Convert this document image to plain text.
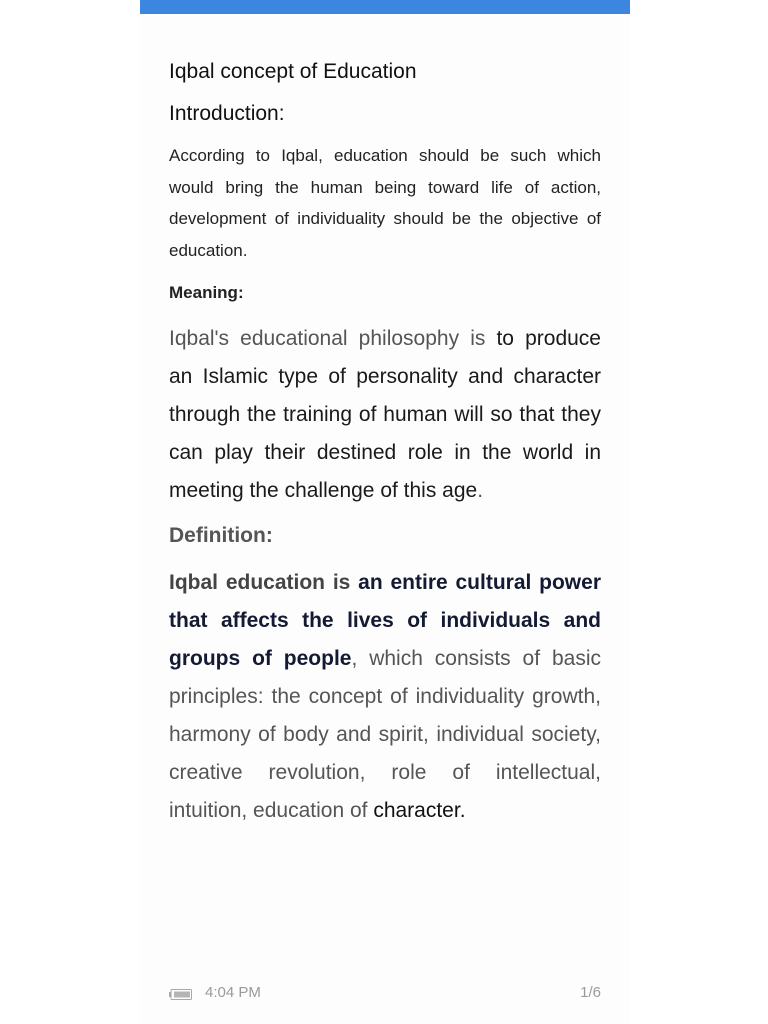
Iqbal concept of Education

Introduction:

According to Iqbal, education should be such which would bring the human being toward life of action, development of individuality should be the objective of education.

Meaning:

Iqbal's educational philosophy is to produce an Islamic type of personality and character through the training of human will so that they can play their destined role in the world in meeting the challenge of this age.

Definition:

Iqbal education is an entire cultural power that affects the lives of individuals and groups of people, which consists of basic principles: the concept of individuality growth, harmony of body and spirit, individual society, creative revolution, role of intellectual, intuition, education of character.

4:04 PM	1/6
